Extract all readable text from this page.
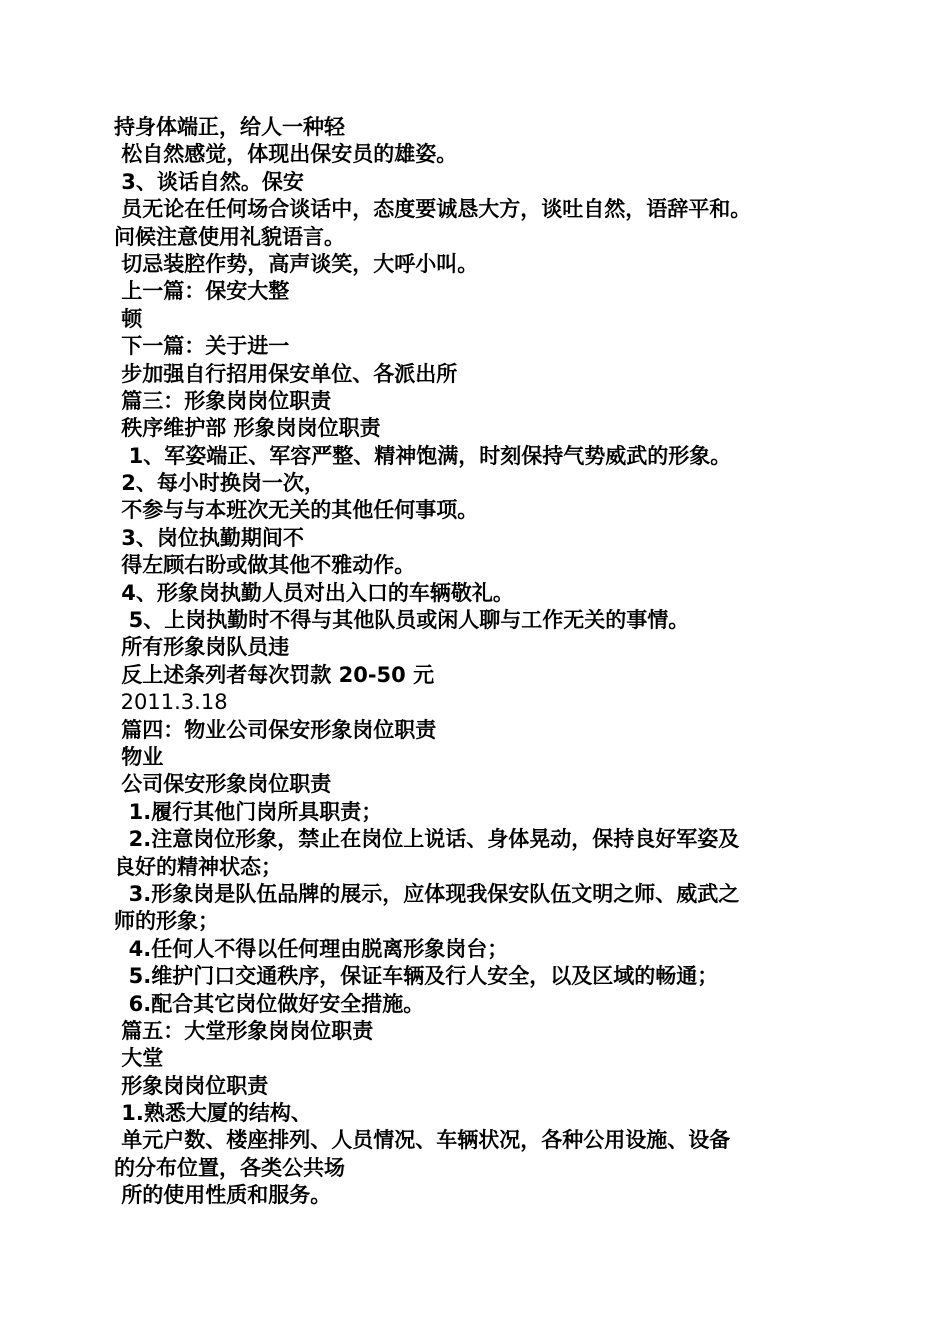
持身体端正，给人一种轻
松自然感觉，体现出保安员的雄姿。
3、谈话自然。保安
员无论在任何场合谈话中，态度要诚恳大方，谈吐自然，语辞平和。
问候注意使用礼貌语言。
切忌装腔作势，高声谈笑，大呼小叫。
上一篇：保安大整
顿
下一篇：关于进一
步加强自行招用保安单位、各派出所
篇三：形象岗岗位职责
秩序维护部 形象岗岗位职责
1、军姿端正、军容严整、精神饱满，时刻保持气势威武的形象。
2、每小时换岗一次，
不参与与本班次无关的其他任何事项。
3、岗位执勤期间不
得左顾右盼或做其他不雅动作。
4、形象岗执勤人员对出入口的车辆敬礼。
5、上岗执勤时不得与其他队员或闲人聊与工作无关的事情。
所有形象岗队员违
反上述条列者每次罚款 20-50 元
2011.3.18
篇四：物业公司保安形象岗位职责
物业
公司保安形象岗位职责
1.履行其他门岗所具职责；
2.注意岗位形象，禁止在岗位上说话、身体晃动，保持良好军姿及
良好的精神状态；
3.形象岗是队伍品牌的展示，应体现我保安队伍文明之师、威武之
师的形象；
4.任何人不得以任何理由脱离形象岗台；
5.维护门口交通秩序，保证车辆及行人安全，以及区域的畅通；
6.配合其它岗位做好安全措施。
篇五：大堂形象岗岗位职责
大堂
形象岗岗位职责
1.熟悉大厦的结构、
单元户数、楼座排列、人员情况、车辆状况，各种公用设施、设备
的分布位置，各类公共场
所的使用性质和服务。
